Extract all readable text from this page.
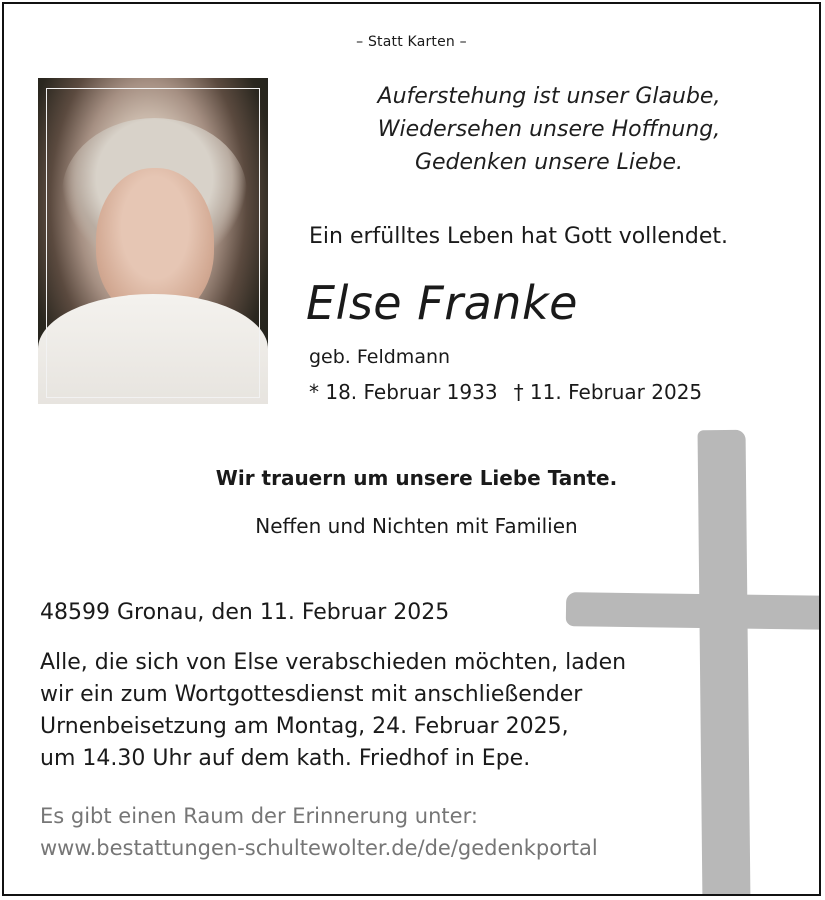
– Statt Karten –
Auferstehung ist unser Glaube,
Wiedersehen unsere Hoffnung,
Gedenken unsere Liebe.
Ein erfülltes Leben hat Gott vollendet.
Else Franke
geb. Feldmann
* 18. Februar 1933 † 11. Februar 2025
Wir trauern um unsere Liebe Tante.
Neffen und Nichten mit Familien
48599 Gronau, den 11. Februar 2025
Alle, die sich von Else verabschieden möchten, laden
wir ein zum Wortgottesdienst mit anschließender
Urnenbeisetzung am Montag, 24. Februar 2025,
um 14.30 Uhr auf dem kath. Friedhof in Epe.
Es gibt einen Raum der Erinnerung unter:
www.bestattungen-schultewolter.de/de/gedenkportal
